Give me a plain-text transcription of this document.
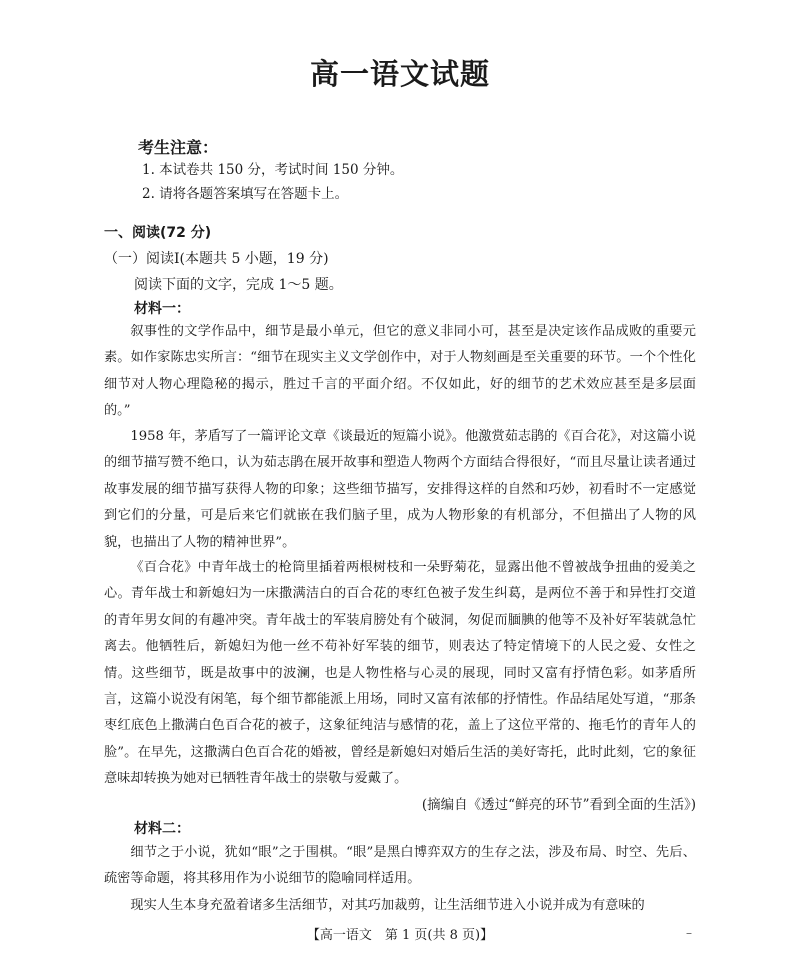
高一语文试题
考生注意：
1. 本试卷共 150 分，考试时间 150 分钟。
2. 请将各题答案填写在答题卡上。
一、阅读(72 分)
（一）阅读Ⅰ(本题共 5 小题，19 分)
阅读下面的文字，完成 1～5 题。
材料一：
叙事性的文学作品中，细节是最小单元，但它的意义非同小可，甚至是决定该作品成败的重要元素。如作家陈忠实所言：“细节在现实主义文学创作中，对于人物刻画是至关重要的环节。一个个性化细节对人物心理隐秘的揭示，胜过千言的平面介绍。不仅如此，好的细节的艺术效应甚至是多层面的。”
1958 年，茅盾写了一篇评论文章《谈最近的短篇小说》。他激赏茹志鹃的《百合花》，对这篇小说的细节描写赞不绝口，认为茹志鹃在展开故事和塑造人物两个方面结合得很好，“而且尽量让读者通过故事发展的细节描写获得人物的印象；这些细节描写，安排得这样的自然和巧妙，初看时不一定感觉到它们的分量，可是后来它们就嵌在我们脑子里，成为人物形象的有机部分，不但描出了人物的风貌，也描出了人物的精神世界”。
《百合花》中青年战士的枪筒里插着两根树枝和一朵野菊花，显露出他不曾被战争扭曲的爱美之心。青年战士和新媳妇为一床撒满洁白的百合花的枣红色被子发生纠葛，是两位不善于和异性打交道的青年男女间的有趣冲突。青年战士的军装肩膀处有个破洞，匆促而腼腆的他等不及补好军装就急忙离去。他牺牲后，新媳妇为他一丝不苟补好军装的细节，则表达了特定情境下的人民之爱、女性之情。这些细节，既是故事中的波澜，也是人物性格与心灵的展现，同时又富有抒情色彩。如茅盾所言，这篇小说没有闲笔，每个细节都能派上用场，同时又富有浓郁的抒情性。作品结尾处写道，“那条枣红底色上撒满白色百合花的被子，这象征纯洁与感情的花，盖上了这位平常的、拖毛竹的青年人的脸”。在早先，这撒满白色百合花的婚被，曾经是新媳妇对婚后生活的美好寄托，此时此刻，它的象征意味却转换为她对已牺牲青年战士的崇敬与爱戴了。
(摘编自《透过“鲜亮的环节”看到全面的生活》)
材料二：
细节之于小说，犹如“眼”之于围棋。“眼”是黑白博弈双方的生存之法，涉及布局、时空、先后、疏密等命题，将其移用作为小说细节的隐喻同样适用。
现实人生本身充盈着诸多生活细节，对其巧加裁剪，让生活细节进入小说并成为有意味的
【高一语文　第 1 页(共 8 页)】	–
